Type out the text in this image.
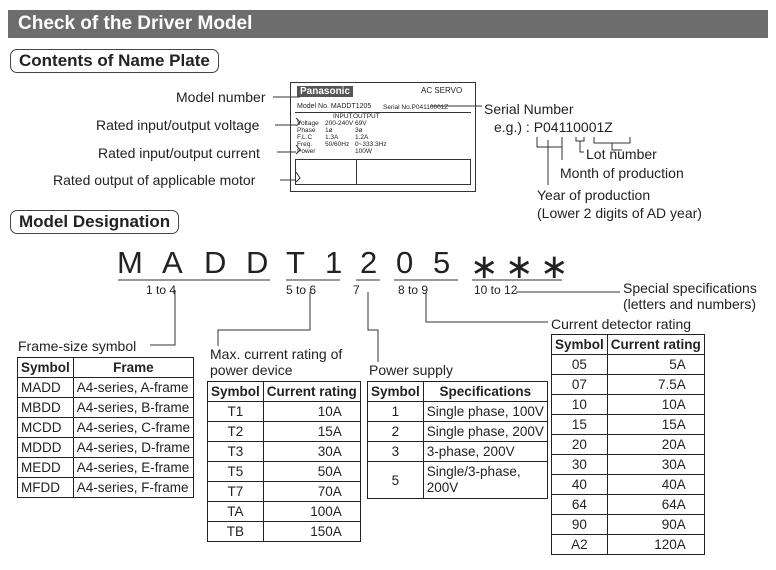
Check of the Driver Model
Contents of Name Plate
Model number
Rated input/output voltage
Rated input/output current
Rated output of applicable motor
Panasonic	AC SERVO
Model No. MADDT1205 Serial No.P04110001Z
INPUT OUTPUT
Voltage 200-240V 69V
Phase 1ø	3ø
F.L.C 1.3A	1.2A
Freq. 50/60Hz 0~333.3Hz
Power	100W
Serial Number
e.g.) : P04110001Z
Lot number
Month of production
Year of production
(Lower 2 digits of AD year)
Model Designation
M A D D T 1 2 0 5 ∗ ∗ ∗
1 to 4	5 to 6	7	8 to 9	10 to 12	Special specifications
(letters and numbers)
Current detector rating
Frame-size symbol	Max. current rating of
power device	Power supply
Symbol	Frame
MADD	A4-series, A-frame
MBDD	A4-series, B-frame
MCDD	A4-series, C-frame
MDDD	A4-series, D-frame
MEDD	A4-series, E-frame
MFDD	A4-series, F-frame
Symbol	Current rating
T1	10A
T2	15A
T3	30A
T5	50A
T7	70A
TA	100A
TB	150A
Symbol	Specifications
1	Single phase, 100V
2	Single phase, 200V
3	3-phase, 200V
5	Single/3-phase,
200V
Symbol	Current rating
05	5A
07	7.5A
10	10A
15	15A
20	20A
30	30A
40	40A
64	64A
90	90A
A2	120A
